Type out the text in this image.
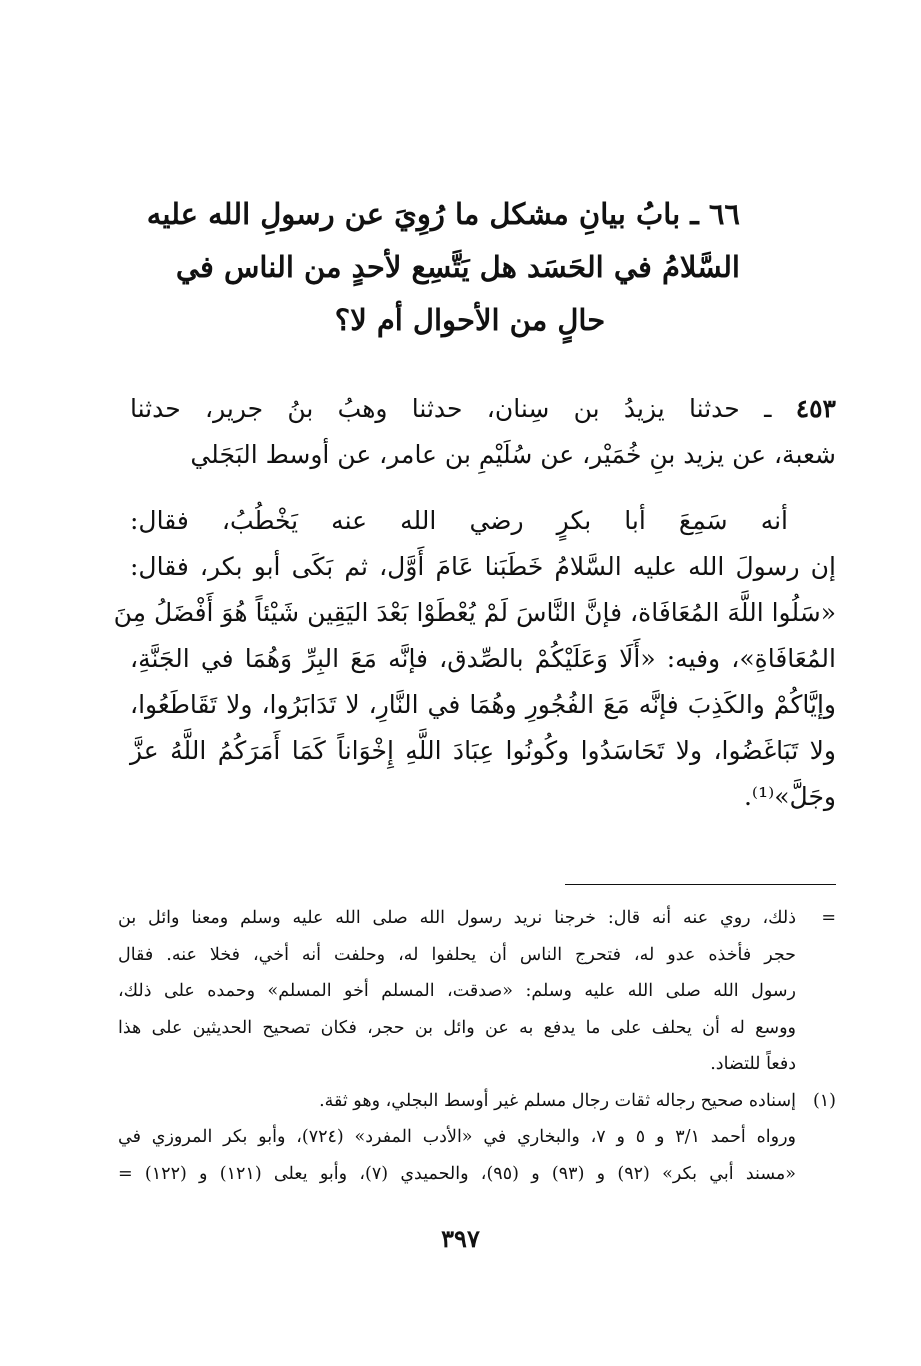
٦٦ ـ بابُ بيانِ مشكل ما رُوِيَ عن رسولِ الله عليه
السَّلامُ في الحَسَد هل يَتَّسِع لأحدٍ من الناس في
حالٍ من الأحوال أم لا؟
٤٥٣ ـ حدثنا يزيدُ بن سِنان، حدثنا وهبُ بنُ جرير، حدثنا
شعبة، عن يزيد بنِ خُمَيْر، عن سُلَيْمِ بن عامر، عن أوسط البَجَلي
أنه سَمِعَ أبا بكرٍ رضي الله عنه يَخْطُبُ، فقال:
إن رسولَ الله عليه السَّلامُ خَطَبَنا عَامَ أَوَّل، ثم بَكَى أبو بكر، فقال:
«سَلُوا اللَّهَ المُعَافَاة، فإنَّ النَّاسَ لَمْ يُعْطَوْا بَعْدَ اليَقِين شَيْئاً هُوَ أَفْضَلُ مِنَ
المُعَافَاةِ»، وفيه: «أَلَا وَعَلَيْكُمْ بالصِّدق، فإنَّه مَعَ البِرِّ وَهُمَا في الجَنَّةِ،
وإيَّاكُمْ والكَذِبَ فإنَّه مَعَ الفُجُورِ وهُمَا في النَّارِ، لا تَدَابَرُوا، ولا تَقَاطَعُوا،
ولا تَبَاغَضُوا، ولا تَحَاسَدُوا وكُونُوا عِبَادَ اللَّهِ إِخْوَاناً كَمَا أَمَرَكُمُ اللَّهُ عزَّ
وجَلَّ»⁽¹⁾.
=
ذلك، روي عنه أنه قال: خرجنا نريد رسول الله صلى الله عليه وسلم ومعنا وائل بن
حجر فأخذه عدو له، فتحرج الناس أن يحلفوا له، وحلفت أنه أخي، فخلا عنه. فقال
رسول الله صلى الله عليه وسلم: «صدقت، المسلم أخو المسلم» وحمده على ذلك،
ووسع له أن يحلف على ما يدفع به عن وائل بن حجر، فكان تصحيح الحديثين على هذا
دفعاً للتضاد.
(١)
إسناده صحيح رجاله ثقات رجال مسلم غير أوسط البجلي، وهو ثقة.
ورواه أحمد ٣/١ و ٥ و ٧، والبخاري في «الأدب المفرد» (٧٢٤)، وأبو بكر المروزي في
«مسند أبي بكر» (٩٢) و (٩٣) و (٩٥)، والحميدي (٧)، وأبو يعلى (١٢١) و (١٢٢) =
٣٩٧
